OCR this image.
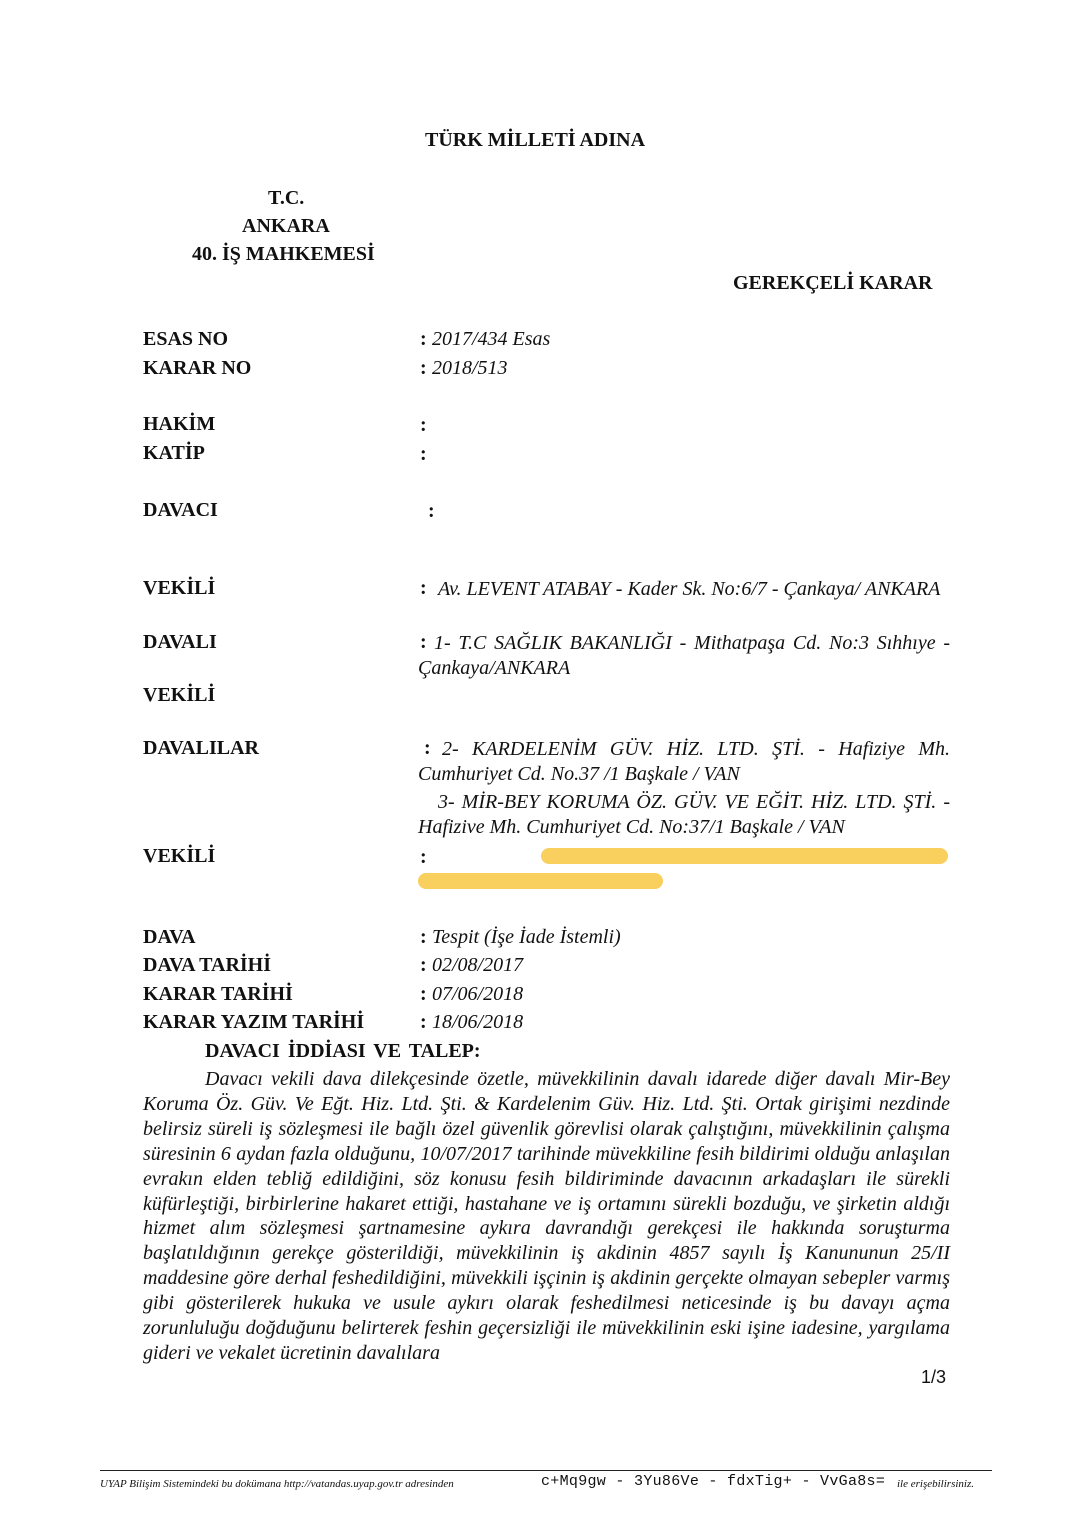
TÜRK MİLLETİ ADINA
T.C.
ANKARA
40. İŞ MAHKEMESİ
GEREKÇELİ KARAR
ESAS NO	: 2017/434 Esas
KARAR NO	: 2018/513
HAKİM	:
KATİP	:
DAVACI	:
VEKİLİ	: Av. LEVENT ATABAY - Kader Sk. No:6/7 - Çankaya/ ANKARA
DAVALI	: 1- T.C SAĞLIK BAKANLIĞI - Mithatpaşa Cd. No:3 Sıhhıye - Çankaya/ANKARA
VEKİLİ
DAVALILAR	: 2- KARDELENİM GÜV. HİZ. LTD. ŞTİ. - Hafiziye Mh. Cumhuriyet Cd. No.37 /1 Başkale / VAN
3- MİR-BEY KORUMA ÖZ. GÜV. VE EĞİT. HİZ. LTD. ŞTİ. - Hafizive Mh. Cumhuriyet Cd. No:37/1 Başkale / VAN
VEKİLİ	:
DAVA	: Tespit (İşe İade İstemli)
DAVA TARİHİ	: 02/08/2017
KARAR TARİHİ	: 07/06/2018
KARAR YAZIM TARİHİ	: 18/06/2018
DAVACI İDDİASI VE TALEP:

Davacı vekili dava dilekçesinde özetle, müvekkilinin davalı idarede diğer davalı Mir-Bey Koruma Öz. Güv. Ve Eğt. Hiz. Ltd. Şti. & Kardelenim Güv. Hiz. Ltd. Şti. Ortak girişimi nezdinde belirsiz süreli iş sözleşmesi ile bağlı özel güvenlik görevlisi olarak çalıştığını, müvekkilinin çalışma süresinin 6 aydan fazla olduğunu, 10/07/2017 tarihinde müvekkiline fesih bildirimi olduğu anlaşılan evrakın elden tebliğ edildiğini, söz konusu fesih bildiriminde davacının arkadaşları ile sürekli küfürleştiği, birbirlerine hakaret ettiği, hastahane ve iş ortamını sürekli bozduğu, ve şirketin aldığı hizmet alım sözleşmesi şartnamesine aykıra davrandığı gerekçesi ile hakkında soruşturma başlatıldığının gerekçe gösterildiği, müvekkilinin iş akdinin 4857 sayılı İş Kanununun 25/II maddesine göre derhal feshedildiğini, müvekkili işçinin iş akdinin gerçekte olmayan sebepler varmış gibi gösterilerek hukuka ve usule aykırı olarak feshedilmesi neticesinde iş bu davayı açma zorunluluğu doğduğunu belirterek feshin geçersizliği ile müvekkilinin eski işine iadesine, yargılama gideri ve vekalet ücretinin davalılara

1/3
UYAP Bilişim Sistemindeki bu dokümana http://vatandas.uyap.gov.tr adresinden	c+Mq9gw - 3Yu86Ve - fdxTig+ - VvGa8s= ile erişebilirsiniz.
